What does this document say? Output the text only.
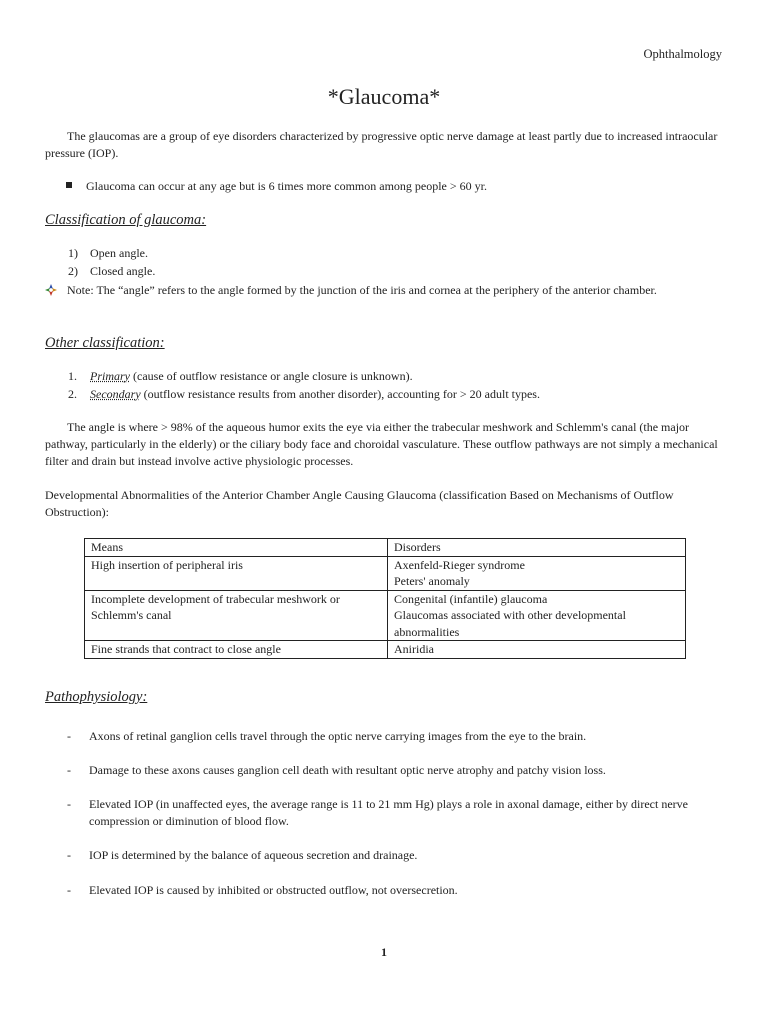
Ophthalmology
*Glaucoma*
The glaucomas are a group of eye disorders characterized by progressive optic nerve damage at least partly due to increased intraocular pressure (IOP).
Glaucoma can occur at any age but is 6 times more common among people > 60 yr.
Classification of glaucoma:
1) Open angle.
2) Closed angle.
Note: The “angle” refers to the angle formed by the junction of the iris and cornea at the periphery of the anterior chamber.
Other classification:
1. Primary (cause of outflow resistance or angle closure is unknown).
2. Secondary (outflow resistance results from another disorder), accounting for > 20 adult types.
The angle is where > 98% of the aqueous humor exits the eye via either the trabecular meshwork and Schlemm's canal (the major pathway, particularly in the elderly) or the ciliary body face and choroidal vasculature. These outflow pathways are not simply a mechanical filter and drain but instead involve active physiologic processes.
Developmental Abnormalities of the Anterior Chamber Angle Causing Glaucoma (classification Based on Mechanisms of Outflow Obstruction):
Means	Disorders
High insertion of peripheral iris	Axenfeld-Rieger syndrome
Peters' anomaly

Incomplete development of trabecular meshwork or Schlemm's canal	Congenital (infantile) glaucoma
Glaucomas associated with other developmental abnormalities

Fine strands that contract to close angle	Aniridia
Pathophysiology:
- Axons of retinal ganglion cells travel through the optic nerve carrying images from the eye to the brain.
- Damage to these axons causes ganglion cell death with resultant optic nerve atrophy and patchy vision loss.
- Elevated IOP (in unaffected eyes, the average range is 11 to 21 mm Hg) plays a role in axonal damage, either by direct nerve compression or diminution of blood flow.
- IOP is determined by the balance of aqueous secretion and drainage.
- Elevated IOP is caused by inhibited or obstructed outflow, not oversecretion.
1
